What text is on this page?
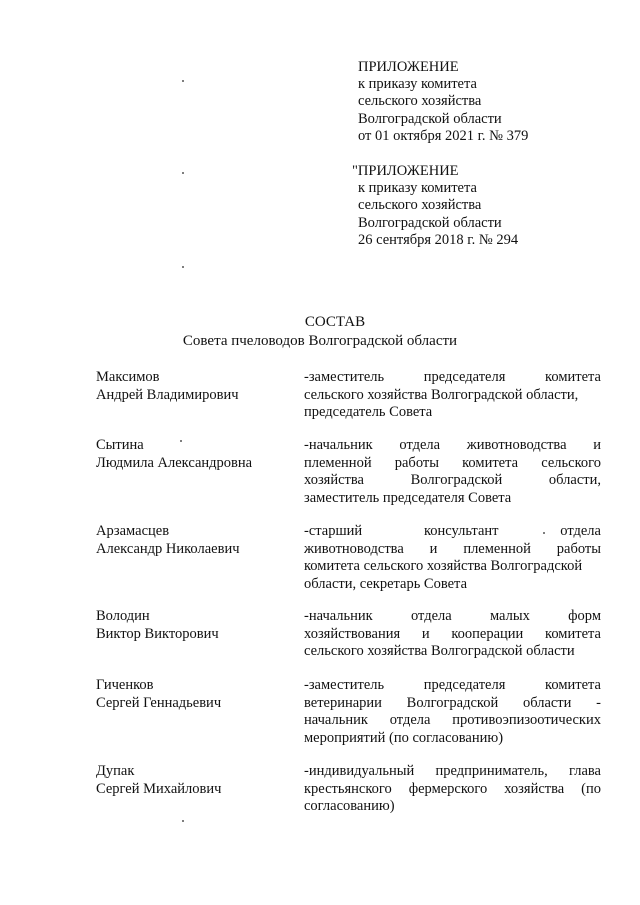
ПРИЛОЖЕНИЕ
к приказу комитета
сельского хозяйства
Волгоградской области
от 01 октября 2021 г. № 379
"ПРИЛОЖЕНИЕ
к приказу комитета
сельского хозяйства
Волгоградской области
26 сентября 2018 г. № 294
СОСТАВ
Совета пчеловодов Волгоградской области
Максимов
Андрей Владимирович
-заместитель	председателя	комитета
сельского хозяйства Волгоградской области,
председатель Совета
Сытина
Людмила Александровна
-начальник отдела животноводства и
племенной работы комитета сельского
хозяйства	Волгоградской	области,
заместитель председателя Совета
Арзамасцев
Александр Николаевич
-старший	консультант	отдела
животноводства и племенной работы
комитета сельского хозяйства Волгоградской
области, секретарь Совета
Володин
Виктор Викторович
-начальник	отдела	малых	форм
хозяйствования и кооперации комитета
сельского хозяйства Волгоградской области
Гиченков
Сергей Геннадьевич
-заместитель	председателя	комитета
ветеринарии Волгоградской области -
начальник отдела противоэпизоотических
мероприятий (по согласованию)
Дупак
Сергей Михайлович
-индивидуальный предприниматель, глава
крестьянского фермерского хозяйства (по
согласованию)
